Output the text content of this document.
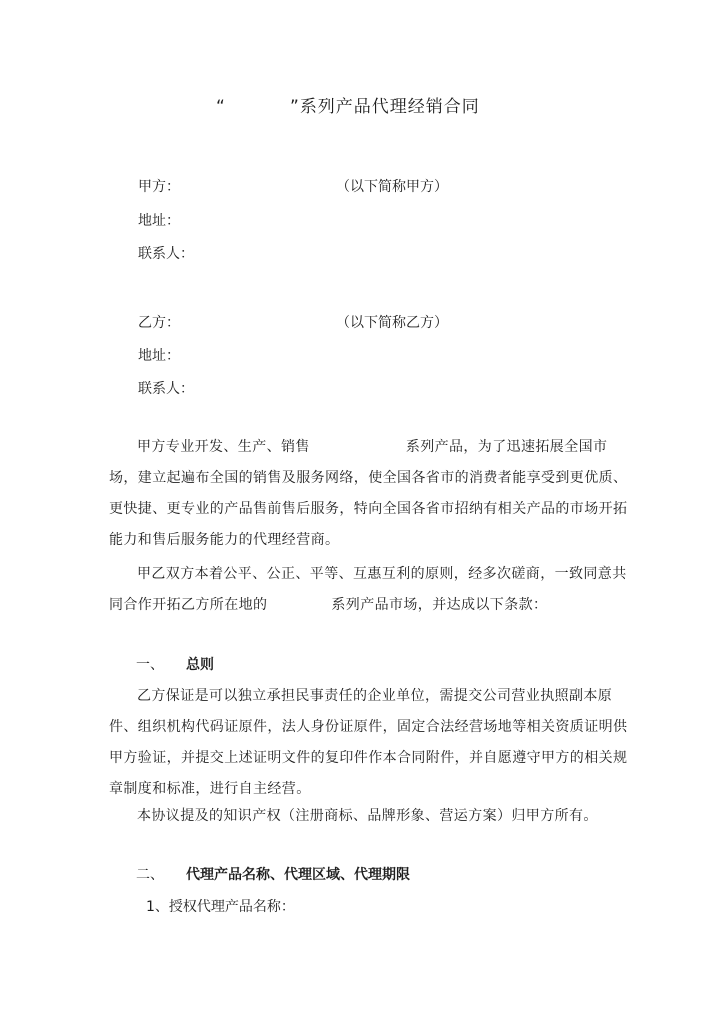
“	”系列产品代理经销合同
甲方：	（以下简称甲方）
地址：
联系人：
乙方：	（以下简称乙方）
地址：
联系人：
甲方专业开发、生产、销售	系列产品，为了迅速拓展全国市场，建立起遍布全国的销售及服务网络，使全国各省市的消费者能享受到更优质、更快捷、更专业的产品售前售后服务，特向全国各省市招纳有相关产品的市场开拓能力和售后服务能力的代理经营商。
甲乙双方本着公平、公正、平等、互惠互利的原则，经多次磋商，一致同意共同合作开拓乙方所在地的	系列产品市场，并达成以下条款：
一、 总则
乙方保证是可以独立承担民事责任的企业单位，需提交公司营业执照副本原件、组织机构代码证原件，法人身份证原件，固定合法经营场地等相关资质证明供甲方验证，并提交上述证明文件的复印件作本合同附件，并自愿遵守甲方的相关规章制度和标准，进行自主经营。
本协议提及的知识产权（注册商标、品牌形象、营运方案）归甲方所有。
二、 代理产品名称、代理区域、代理期限
1、授权代理产品名称：
